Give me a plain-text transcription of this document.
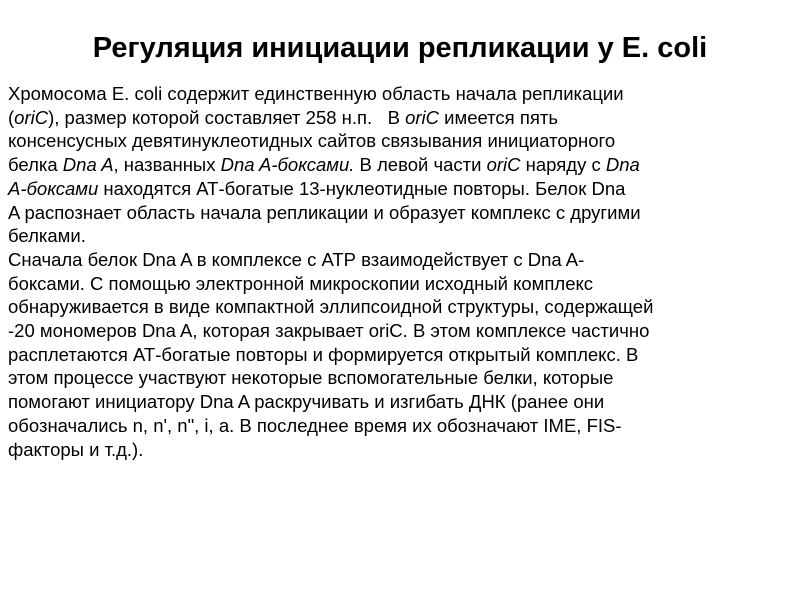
Регуляция инициации репликации у E. coli
Хромосома E. coli содержит единственную область начала репликации
(oriC), размер которой составляет 258 н.п.   В oriC имеется пять
консенсусных девятинуклеотидных сайтов связывания инициаторного
белка Dna A, названных Dna A-боксами. В левой части oriC наряду с Dna
A-боксами находятся АТ-богатые 13-нуклеотидные повторы. Белок Dna
A распознает область начала репликации и образует комплекс с другими
белками.
Сначала белок Dna A в комплексе с АТР взаимодействует с Dna A-
боксами. С помощью электронной микроскопии исходный комплекс
обнаруживается в виде компактной эллипсоидной структуры, содержащей
-20 мономеров Dna A, которая закрывает oriC. В этом комплексе частично
расплетаются АТ-богатые повторы и формируется открытый комплекс. В
этом процессе участвуют некоторые вспомогательные белки, которые
помогают инициатору Dna A раскручивать и изгибать ДНК (ранее они
обозначались n, n', n", i, a. В последнее время их обозначают IME, FIS-
факторы и т.д.).
